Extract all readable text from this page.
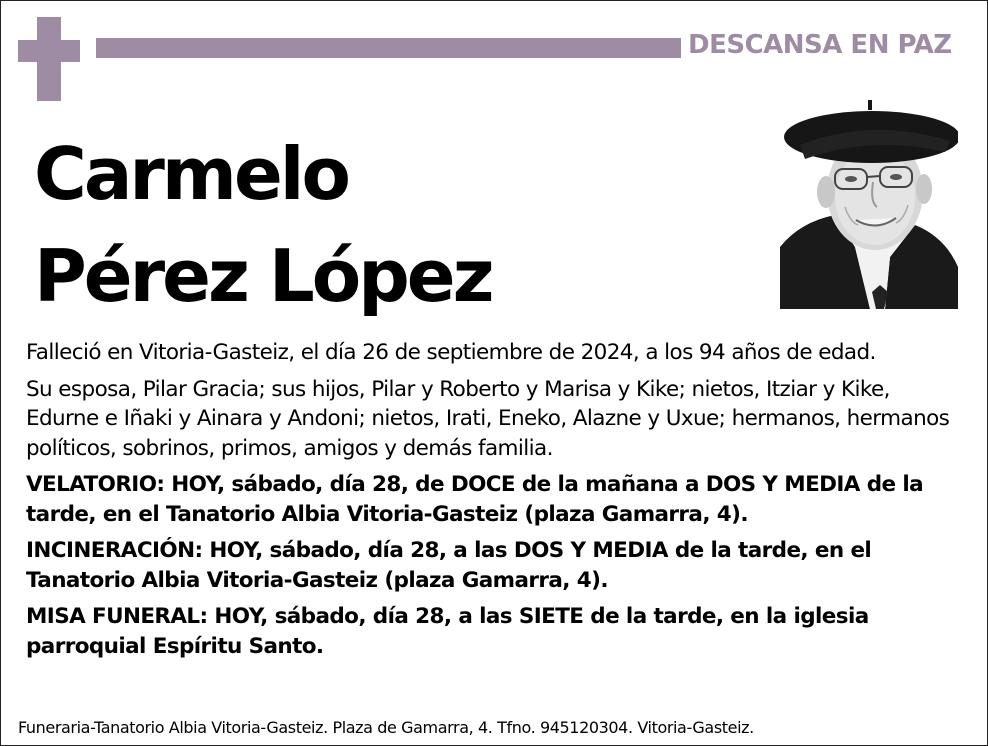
DESCANSA EN PAZ
Carmelo
Pérez López

Falleció en Vitoria-Gasteiz, el día 26 de septiembre de 2024, a los 94 años de edad.

Su esposa, Pilar Gracia; sus hijos, Pilar y Roberto y Marisa y Kike; nietos, Itziar y Kike, Edurne e Iñaki y Ainara y Andoni; nietos, Irati, Eneko, Alazne y Uxue; hermanos, hermanos políticos, sobrinos, primos, amigos y demás familia.

VELATORIO: HOY, sábado, día 28, de DOCE de la mañana a DOS Y MEDIA de la tarde, en el Tanatorio Albia Vitoria-Gasteiz (plaza Gamarra, 4).

INCINERACIÓN: HOY, sábado, día 28, a las DOS Y MEDIA de la tarde, en el Tanatorio Albia Vitoria-Gasteiz (plaza Gamarra, 4).

MISA FUNERAL: HOY, sábado, día 28, a las SIETE de la tarde, en la iglesia parroquial Espíritu Santo.

Funeraria-Tanatorio Albia Vitoria-Gasteiz. Plaza de Gamarra, 4. Tfno. 945120304. Vitoria-Gasteiz.
